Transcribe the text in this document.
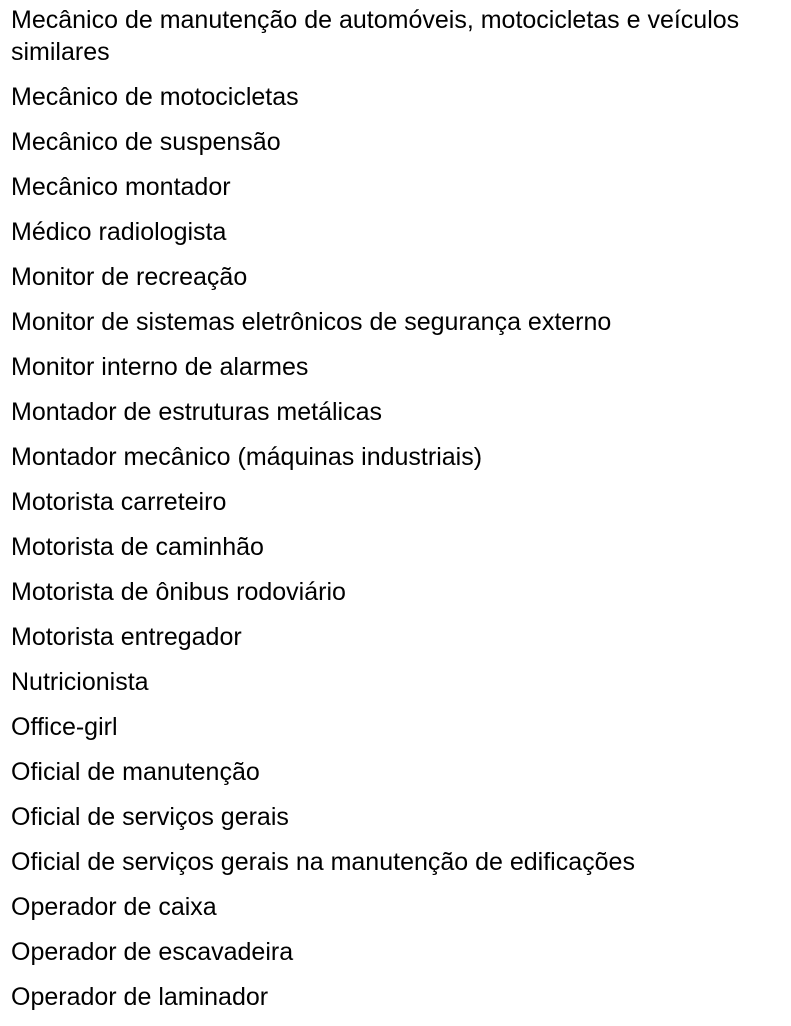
Mecânico de manutenção de automóveis, motocicletas e veículos similares
Mecânico de motocicletas
Mecânico de suspensão
Mecânico montador
Médico radiologista
Monitor de recreação
Monitor de sistemas eletrônicos de segurança externo
Monitor interno de alarmes
Montador de estruturas metálicas
Montador mecânico (máquinas industriais)
Motorista carreteiro
Motorista de caminhão
Motorista de ônibus rodoviário
Motorista entregador
Nutricionista
Office-girl
Oficial de manutenção
Oficial de serviços gerais
Oficial de serviços gerais na manutenção de edificações
Operador de caixa
Operador de escavadeira
Operador de laminador
